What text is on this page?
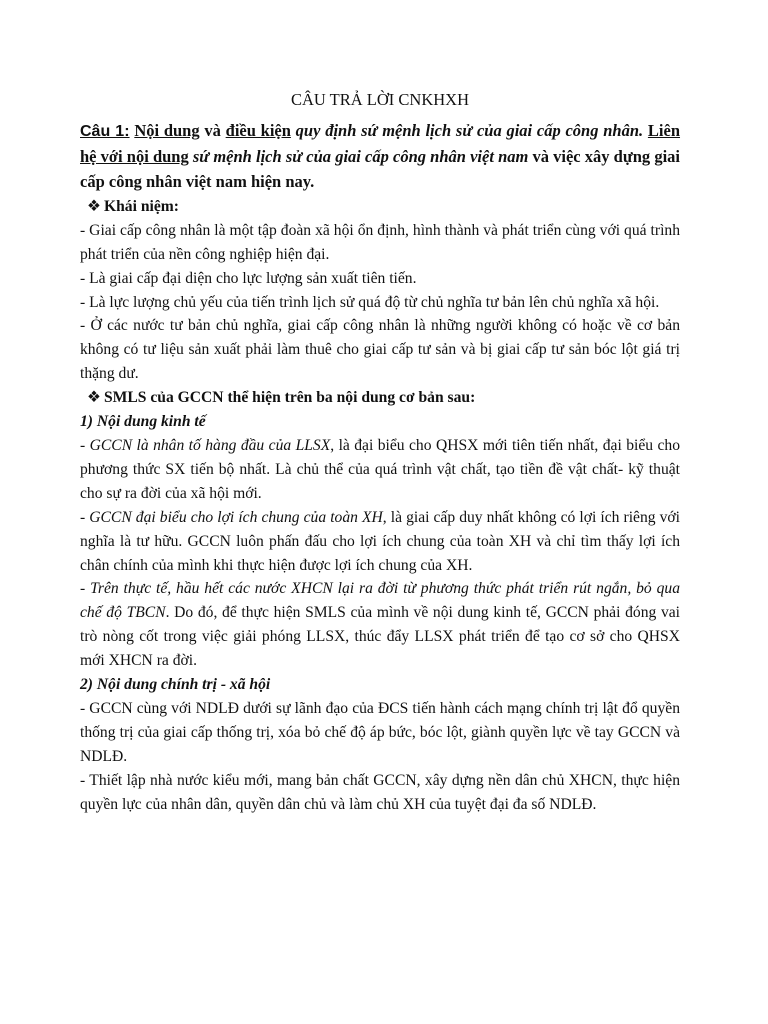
CÂU TRẢ LỜI CNKHXH
Câu 1: Nội dung và điều kiện quy định sứ mệnh lịch sử của giai cấp công nhân. Liên hệ với nội dung sứ mệnh lịch sử của giai cấp công nhân việt nam và việc xây dựng giai cấp công nhân việt nam hiện nay.
❖ Khái niệm:

- Giai cấp công nhân là một tập đoàn xã hội ổn định, hình thành và phát triển cùng với quá trình phát triển của nền công nghiệp hiện đại.

- Là giai cấp đại diện cho lực lượng sản xuất tiên tiến.

- Là lực lượng chủ yếu của tiến trình lịch sử quá độ từ chủ nghĩa tư bản lên chủ nghĩa xã hội.

- Ở các nước tư bản chủ nghĩa, giai cấp công nhân là những người không có hoặc về cơ bản không có tư liệu sản xuất phải làm thuê cho giai cấp tư sản và bị giai cấp tư sản bóc lột giá trị thặng dư.

❖ SMLS của GCCN thể hiện trên ba nội dung cơ bản sau:
1) Nội dung kinh tế

- GCCN là nhân tố hàng đầu của LLSX, là đại biểu cho QHSX mới tiên tiến nhất, đại biểu cho phương thức SX tiến bộ nhất. Là chủ thể của quá trình vật chất, tạo tiền đề vật chất- kỹ thuật cho sự ra đời của xã hội mới.

- GCCN đại biểu cho lợi ích chung của toàn XH, là giai cấp duy nhất không có lợi ích riêng với nghĩa là tư hữu. GCCN luôn phấn đấu cho lợi ích chung của toàn XH và chỉ tìm thấy lợi ích chân chính của mình khi thực hiện được lợi ích chung của XH.

- Trên thực tế, hầu hết các nước XHCN lại ra đời từ phương thức phát triển rút ngắn, bỏ qua chế độ TBCN. Do đó, để thực hiện SMLS của mình về nội dung kinh tế, GCCN phải đóng vai trò nòng cốt trong việc giải phóng LLSX, thúc đẩy LLSX phát triển để tạo cơ sở cho QHSX mới XHCN ra đời.

2) Nội dung chính trị - xã hội

- GCCN cùng với NDLĐ dưới sự lãnh đạo của ĐCS tiến hành cách mạng chính trị lật đổ quyền thống trị của giai cấp thống trị, xóa bỏ chế độ áp bức, bóc lột, giành quyền lực về tay GCCN và NDLĐ.

- Thiết lập nhà nước kiểu mới, mang bản chất GCCN, xây dựng nền dân chủ XHCN, thực hiện quyền lực của nhân dân, quyền dân chủ và làm chủ XH của tuyệt đại đa số NDLĐ.
